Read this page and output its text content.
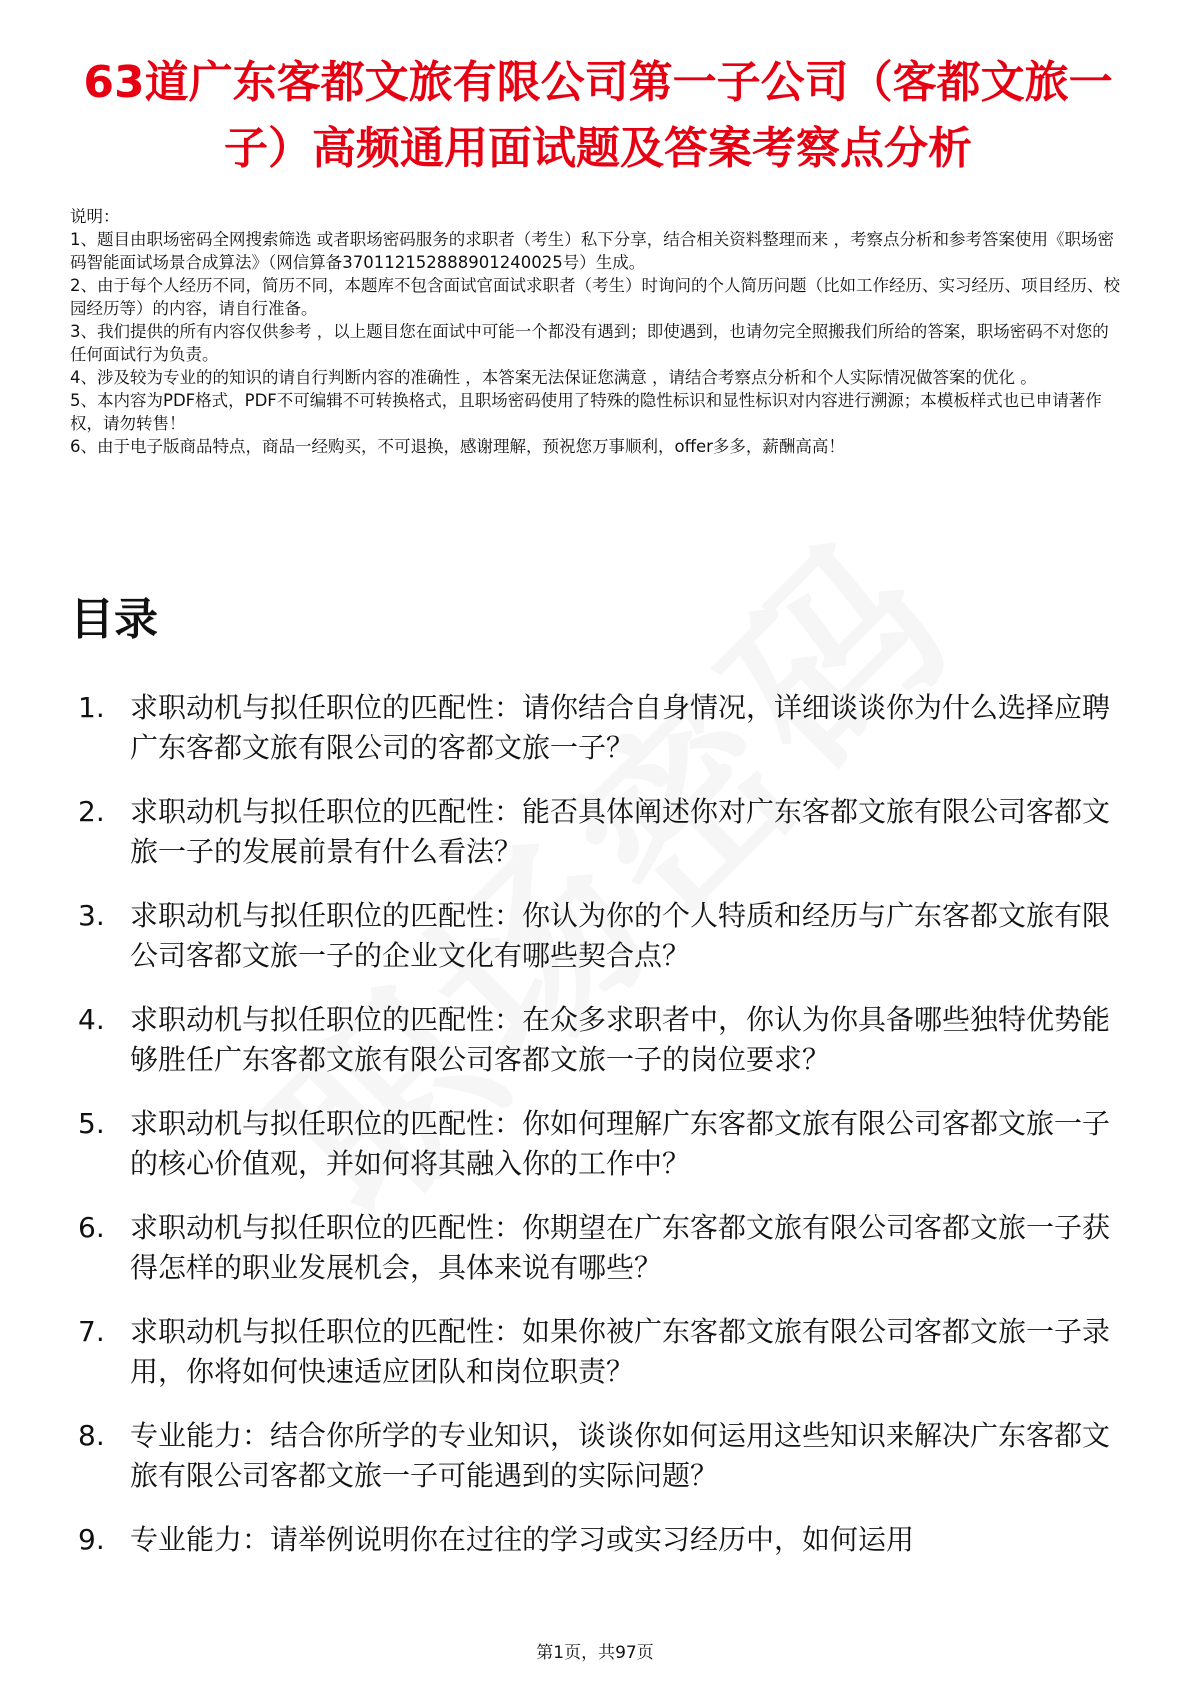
63道广东客都文旅有限公司第一子公司（客都文旅一子）高频通用面试题及答案考察点分析

说明：

1、题目由职场密码全网搜索筛选 或者职场密码服务的求职者（考生）私下分享，结合相关资料整理而来 ，考察点分析和参考答案使用《职场密码智能面试场景合成算法》（网信算备370112152888901240025号）生成。

2、由于每个人经历不同，简历不同，本题库不包含面试官面试求职者（考生）时询问的个人简历问题（比如工作经历、实习经历、项目经历、校园经历等）的内容，请自行准备。

3、我们提供的所有内容仅供参考 ，以上题目您在面试中可能一个都没有遇到；即使遇到，也请勿完全照搬我们所给的答案，职场密码不对您的任何面试行为负责。

4、涉及较为专业的的知识的请自行判断内容的准确性 ，本答案无法保证您满意 ，请结合考察点分析和个人实际情况做答案的优化 。

5、本内容为PDF格式，PDF不可编辑不可转换格式，且职场密码使用了特殊的隐性标识和显性标识对内容进行溯源；本模板样式也已申请著作权，请勿转售！

6、由于电子版商品特点，商品一经购买，不可退换，感谢理解，预祝您万事顺利，offer多多，薪酬高高！

目录
1. 求职动机与拟任职位的匹配性：请你结合自身情况，详细谈谈你为什么选择应聘广东客都文旅有限公司的客都文旅一子？
2. 求职动机与拟任职位的匹配性：能否具体阐述你对广东客都文旅有限公司客都文旅一子的发展前景有什么看法？
3. 求职动机与拟任职位的匹配性：你认为你的个人特质和经历与广东客都文旅有限公司客都文旅一子的企业文化有哪些契合点？
4. 求职动机与拟任职位的匹配性：在众多求职者中，你认为你具备哪些独特优势能够胜任广东客都文旅有限公司客都文旅一子的岗位要求？
5. 求职动机与拟任职位的匹配性：你如何理解广东客都文旅有限公司客都文旅一子的核心价值观，并如何将其融入你的工作中？
6. 求职动机与拟任职位的匹配性：你期望在广东客都文旅有限公司客都文旅一子获得怎样的职业发展机会，具体来说有哪些？
7. 求职动机与拟任职位的匹配性：如果你被广东客都文旅有限公司客都文旅一子录用，你将如何快速适应团队和岗位职责？
8. 专业能力：结合你所学的专业知识，谈谈你如何运用这些知识来解决广东客都文旅有限公司客都文旅一子可能遇到的实际问题？
9. 专业能力：请举例说明你在过往的学习或实习经历中，如何运用
第1页，共97页
